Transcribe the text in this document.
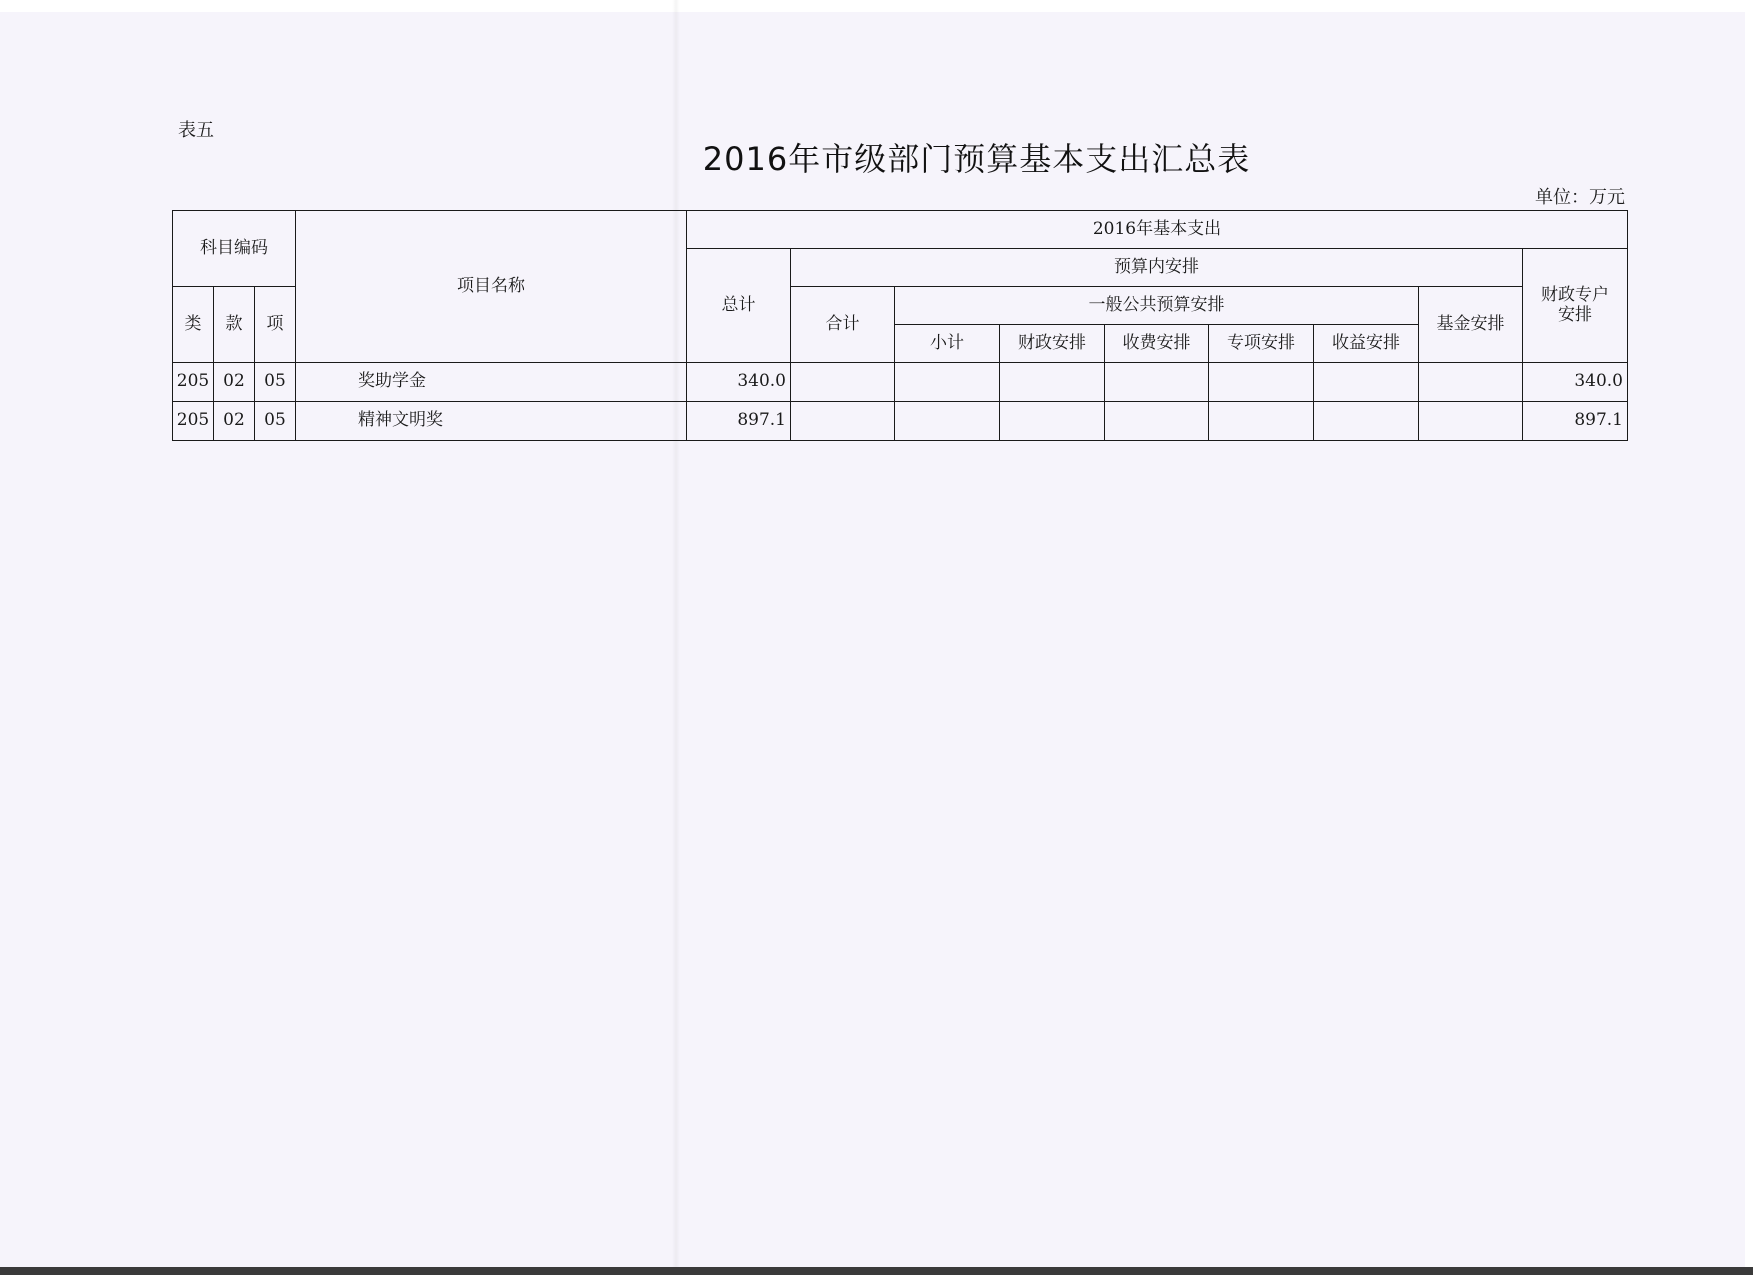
表五
2016年市级部门预算基本支出汇总表
单位：万元
科目编码			项目名称	2016年基本支出								
				总计	预算内安排							财政专户安排
类	款	项			合计	一般公共预算安排					基金安排	
						小计	财政安排	收费安排	专项安排	收益安排		
205	02	05	奖助学金	340.0								340.0
205	02	05	精神文明奖	897.1								897.1
